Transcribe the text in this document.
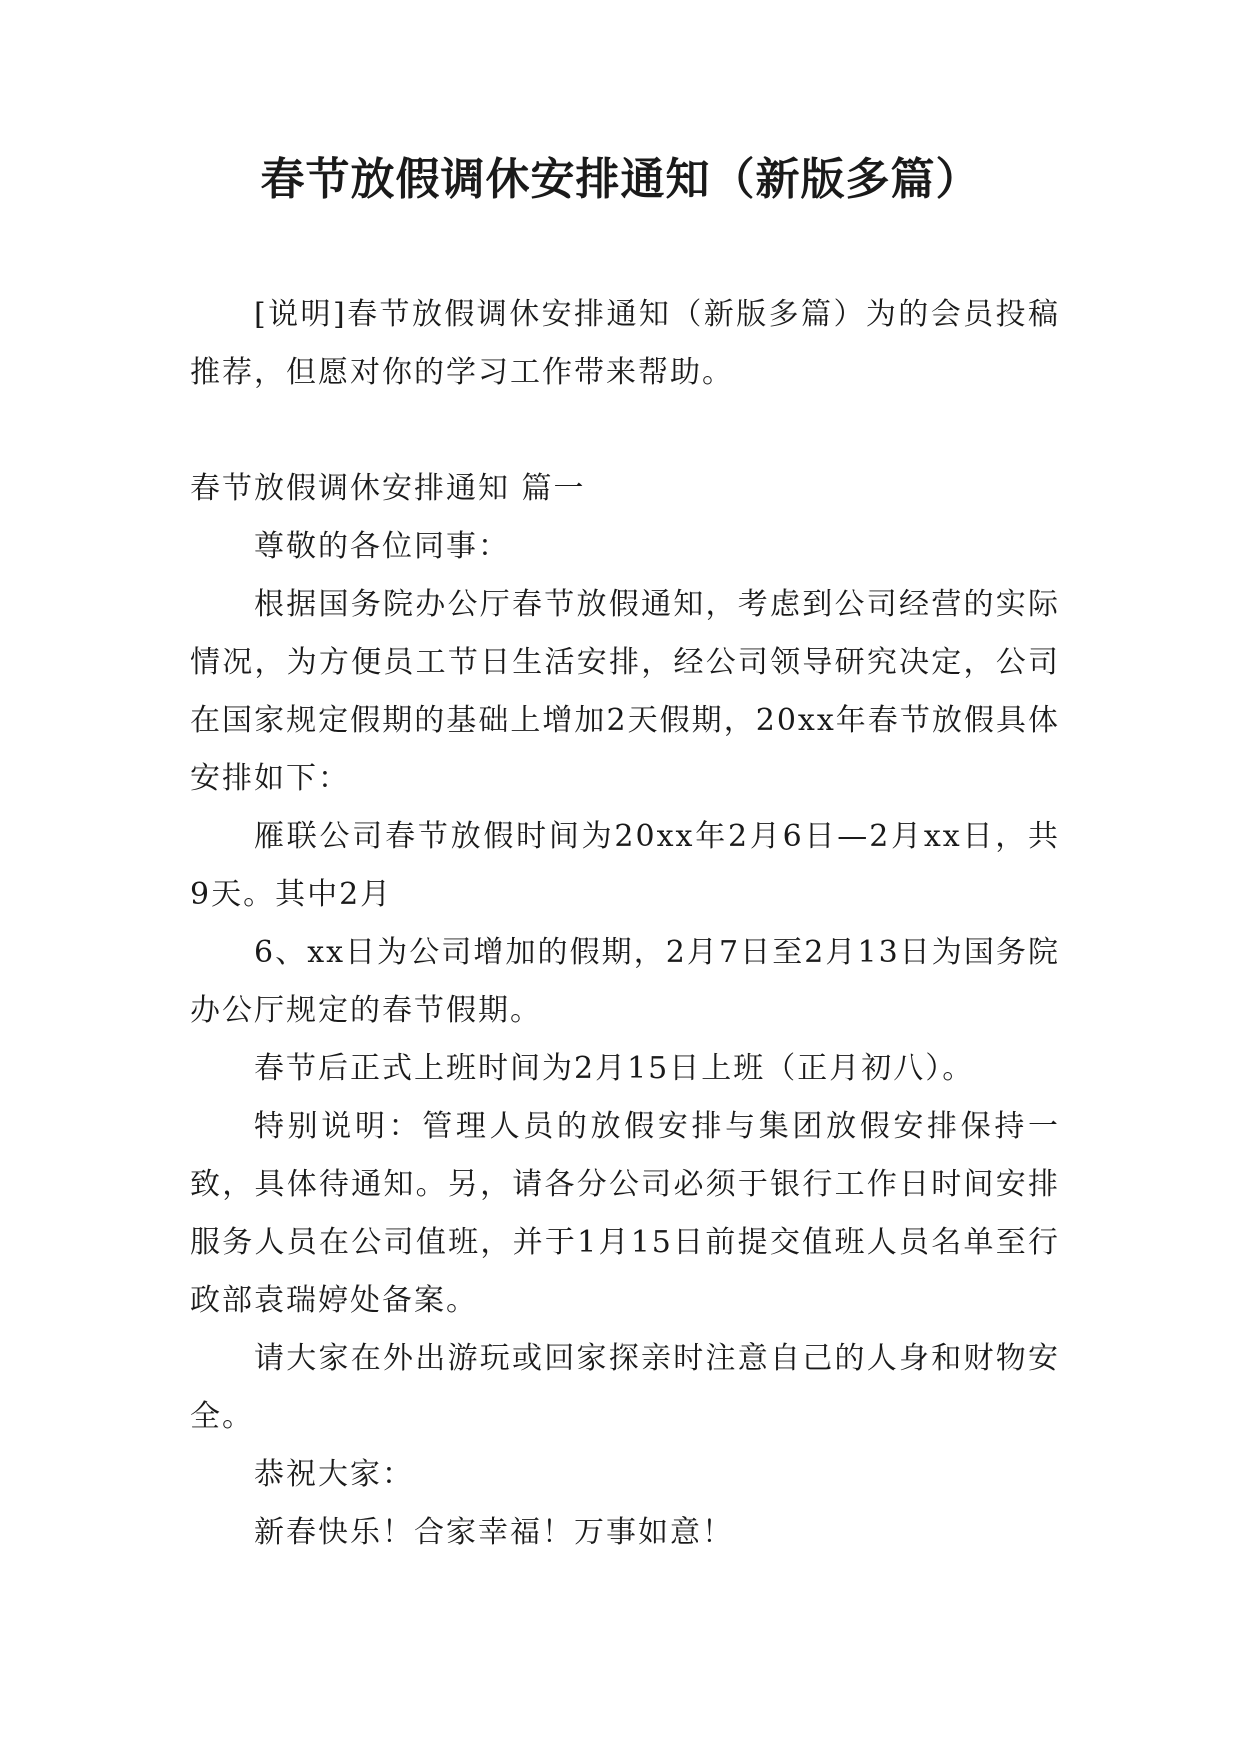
春节放假调休安排通知（新版多篇）

[说明]春节放假调休安排通知（新版多篇）为的会员投稿推荐，但愿对你的学习工作带来帮助。

春节放假调休安排通知 篇一

尊敬的各位同事：

根据国务院办公厅春节放假通知，考虑到公司经营的实际情况，为方便员工节日生活安排，经公司领导研究决定，公司在国家规定假期的基础上增加2天假期，20xx年春节放假具体安排如下：

雁联公司春节放假时间为20xx年2月6日—2月xx日，共9天。其中2月

6、xx日为公司增加的假期，2月7日至2月13日为国务院办公厅规定的春节假期。

春节后正式上班时间为2月15日上班（正月初八）。

特别说明：管理人员的放假安排与集团放假安排保持一致，具体待通知。另，请各分公司必须于银行工作日时间安排服务人员在公司值班，并于1月15日前提交值班人员名单至行政部袁瑞婷处备案。

请大家在外出游玩或回家探亲时注意自己的人身和财物安全。

恭祝大家：

新春快乐！合家幸福！万事如意！
